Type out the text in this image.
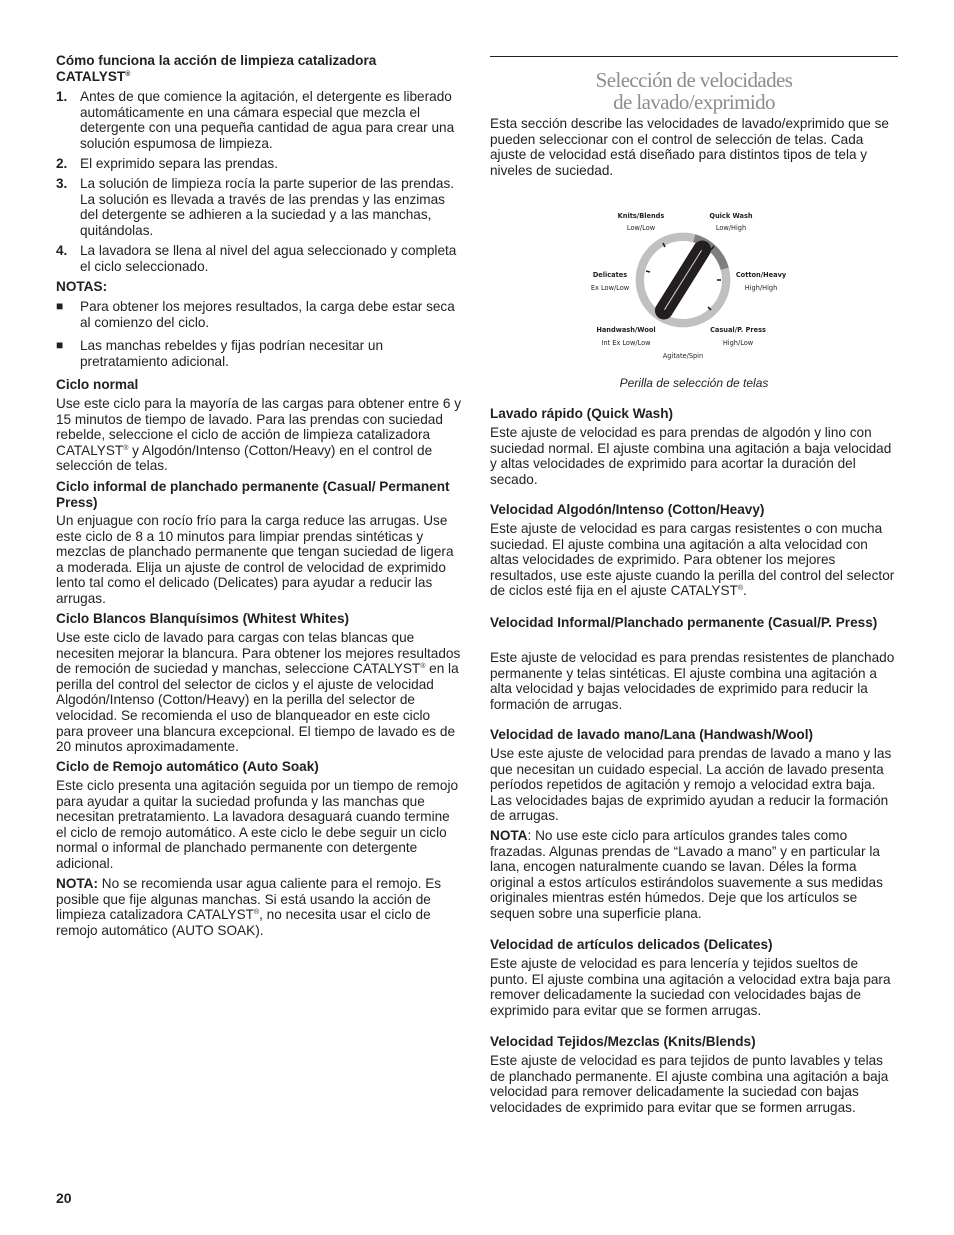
Cómo funciona la acción de limpieza catalizadora
CATALYST®
1. Antes de que comience la agitación, el detergente es liberado automáticamente en una cámara especial que mezcla el detergente con una pequeña cantidad de agua para crear una solución espumosa de limpieza.
2. El exprimido separa las prendas.
3. La solución de limpieza rocía la parte superior de las prendas. La solución es llevada a través de las prendas y las enzimas del detergente se adhieren a la suciedad y a las manchas, quitándolas.
4. La lavadora se llena al nivel del agua seleccionado y completa el ciclo seleccionado.
NOTAS:
■	Para obtener los mejores resultados, la carga debe estar seca al comienzo del ciclo.
■	Las manchas rebeldes y fijas podrían necesitar un pretratamiento adicional.
Ciclo normal

Use este ciclo para la mayoría de las cargas para obtener entre 6 y 15 minutos de tiempo de lavado. Para las prendas con suciedad rebelde, seleccione el ciclo de acción de limpieza catalizadora CATALYST® y Algodón/Intenso (Cotton/Heavy) en el control de selección de telas.

Ciclo informal de planchado permanente (Casual/ Permanent Press)

Un enjuague con rocío frío para la carga reduce las arrugas. Use este ciclo de 8 a 10 minutos para limpiar prendas sintéticas y mezclas de planchado permanente que tengan suciedad de ligera a moderada. Elija un ajuste de control de velocidad de exprimido lento tal como el delicado (Delicates) para ayudar a reducir las arrugas.

Ciclo Blancos Blanquísimos (Whitest Whites)

Use este ciclo de lavado para cargas con telas blancas que necesiten mejorar la blancura. Para obtener los mejores resultados de remoción de suciedad y manchas, seleccione CATALYST® en la perilla del control del selector de ciclos y el ajuste de velocidad Algodón/Intenso (Cotton/Heavy) en la perilla del selector de velocidad. Se recomienda el uso de blanqueador en este ciclo para proveer una blancura excepcional. El tiempo de lavado es de 20 minutos aproximadamente.

Ciclo de Remojo automático (Auto Soak)

Este ciclo presenta una agitación seguida por un tiempo de remojo para ayudar a quitar la suciedad profunda y las manchas que necesitan pretratamiento. La lavadora desaguará cuando termine el ciclo de remojo automático. A este ciclo le debe seguir un ciclo normal o informal de planchado permanente con detergente adicional.

NOTA: No se recomienda usar agua caliente para el remojo. Es posible que fije algunas manchas. Si está usando la acción de limpieza catalizadora CATALYST®, no necesita usar el ciclo de remojo automático (AUTO SOAK).

Selección de velocidades
de lavado/exprimido

Esta sección describe las velocidades de lavado/exprimido que se pueden seleccionar con el control de selección de telas. Cada ajuste de velocidad está diseñado para distintos tipos de tela y niveles de suciedad.

Knits/Blends
Low/Low
Quick Wash
Low/High
Delicates
Ex Low/Low
Cotton/Heavy
High/High
Handwash/Wool
Int Ex Low/Low
Casual/P. Press
High/Low
Agitate/Spin

Perilla de selección de telas

Lavado rápido (Quick Wash)

Este ajuste de velocidad es para prendas de algodón y lino con suciedad normal. El ajuste combina una agitación a baja velocidad y altas velocidades de exprimido para acortar la duración del secado.

Velocidad Algodón/Intenso (Cotton/Heavy)

Este ajuste de velocidad es para cargas resistentes o con mucha suciedad. El ajuste combina una agitación a alta velocidad con altas velocidades de exprimido. Para obtener los mejores resultados, use este ajuste cuando la perilla del control del selector de ciclos esté fija en el ajuste CATALYST®.

Velocidad Informal/Planchado permanente (Casual/P. Press)

Este ajuste de velocidad es para prendas resistentes de planchado permanente y telas sintéticas. El ajuste combina una agitación a alta velocidad y bajas velocidades de exprimido para reducir la formación de arrugas.

Velocidad de lavado mano/Lana (Handwash/Wool)

Use este ajuste de velocidad para prendas de lavado a mano y las que necesitan un cuidado especial. La acción de lavado presenta períodos repetidos de agitación y remojo a velocidad extra baja. Las velocidades bajas de exprimido ayudan a reducir la formación de arrugas.

NOTA: No use este ciclo para artículos grandes tales como frazadas. Algunas prendas de “Lavado a mano” y en particular la lana, encogen naturalmente cuando se lavan. Déles la forma original a estos artículos estirándolos suavemente a sus medidas originales mientras estén húmedos. Deje que los artículos se sequen sobre una superficie plana.

Velocidad de artículos delicados (Delicates)

Este ajuste de velocidad es para lencería y tejidos sueltos de punto. El ajuste combina una agitación a velocidad extra baja para remover delicadamente la suciedad con velocidades bajas de exprimido para evitar que se formen arrugas.

Velocidad Tejidos/Mezclas (Knits/Blends)

Este ajuste de velocidad es para tejidos de punto lavables y telas de planchado permanente. El ajuste combina una agitación a baja velocidad para remover delicadamente la suciedad con bajas velocidades de exprimido para evitar que se formen arrugas.

20
